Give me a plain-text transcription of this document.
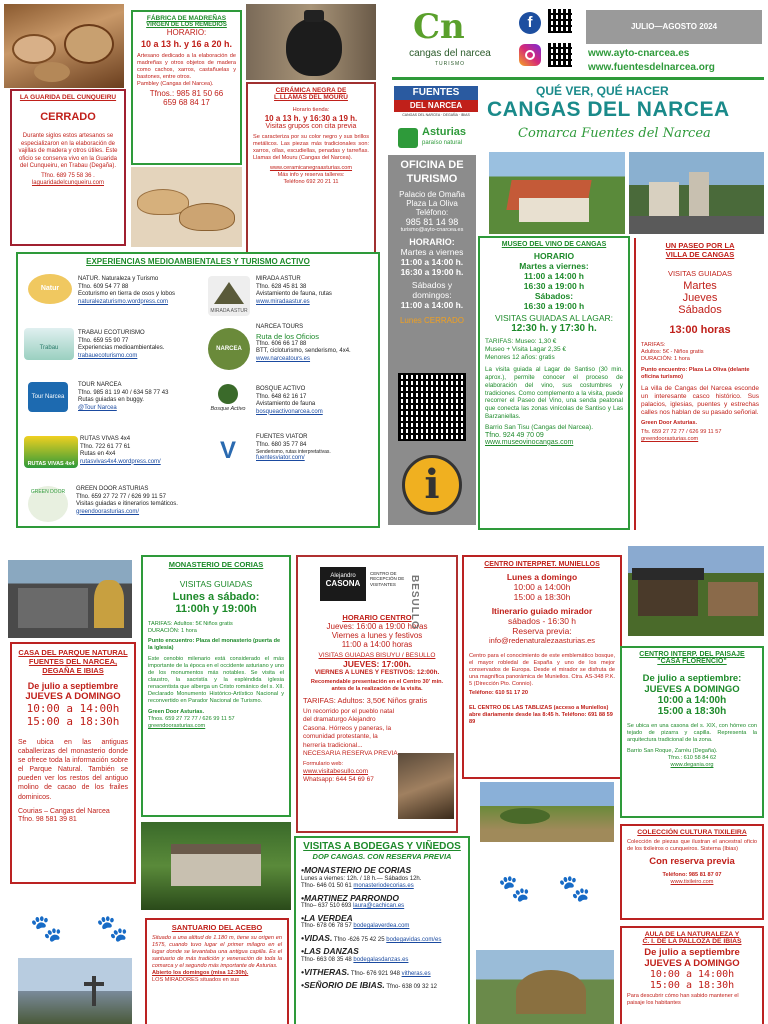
LA GUARIDA DEL CUNQUEIRU

CERRADO

Durante siglos estos artesanos se especializaron en la elaboración de vajillas de madera y otros útiles. Este oficio se conserva vivo en la Guarida del Cunqueiru, en Trabau (Degaña).

Tfno. 689 75 58 36 .

laguaridadelcunqueiru.com

FÁBRICA DE MADREÑAS

VIRGEN DE LOS REMEDIOS

HORARIO:

10 a 13 h. y 16 a 20 h.

Artesano dedicado a la elaboración de madreñas y otros objetos de madera como cachos, xarros, castañuelas y bastones, entre otros.

Pambley (Cangas del Narcea).

Tfnos.: 985 81 50 66

659 68 84 17

CERÁMICA NEGRA DE

L.LLAMAS DEL MOURU

Horario tienda:

10 a 13 h. y 16:30 a 19 h.

Visitas grupos con cita previa

Se caracteriza por su color negro y sus brillos metálicos. Las piezas más tradicionales son: xarros, ollas, escudiellas, penadas y tarreñas. Llamas del Mouru (Cangas del Narcea).

www.ceramicanegraasturias.com

Más info y reserva talleres:

Teléfono 692 20 21 11

Cn

cangas del narcea

TURISMO

f	JULIO—AGOSTO 2024

www.ayto-cnarcea.es

www.fuentesdelnarcea.org

FUENTES
DEL NARCEA

CANGAS DEL NARCEA · DEGAÑA · IBIAS

Asturias

paraíso natural

QUÉ VER, QUÉ HACER

CANGAS DEL NARCEA

Comarca Fuentes del Narcea

OFICINA DE TURISMO

Palacio de Omaña

Plaza La Oliva

Teléfono:

985 81 14 98

turismo@ayto-cnarcea.es

HORARIO:

Martes a viernes

11:00 a 14:00 h.

16:30 a 19:00 h.

Sábados y domingos:

11:00 a 14:00 h.

Lunes CERRADO

i

EXPERIENCIAS MEDIOAMBIENTALES Y TURISMO ACTIVO

Natur
Trabau
Tour Narcea
RUTAS VIVAS 4x4
GREEN DOOR

NATUR. Naturaleza y Turismo

Tfno. 609 54 77 88

Ecoturismo en tierra de osos y lobos

naturalezaturismo.wordpress.com

TRABAU ECOTURISMO

Tfno. 659 55 90 77

Experiencias medioambientales.

trabauecoturismo.com

TOUR NARCEA

Tfno. 985 81 19 40 / 634 58 77 43

Rutas guiadas en buggy.

@Tour Narcea

RUTAS VIVAS 4x4

Tfno. 722 61 77 61

Rutas en 4x4

rutasvivas4x4.wordpress.com/

GREEN DOOR ASTURIAS

Tfno. 659 27 72 77 / 626 99 11 57

Visitas guiadas e itinerarios temáticos.

greendoorasturias.com/

MIRADA ASTUR
NARCEA
Bosque Activo
V

MIRADA ASTUR

Tfno. 628 45 81 38

Avistamiento de fauna, rutas

www.miradaastur.es

NARCEA TOURS

Ruta de los Oficios

Tfno. 606 66 17 88

BTT, cicloturismo, senderismo, 4x4.

www.narceatours.es

BOSQUE ACTIVO

Tfno. 648 62 16 17

Avistamiento de fauna

bosqueactivonarcea.com

FUENTES VIATOR

Tfno. 680 35 77 84

Senderismo, rutas interpretativas.

fuentesviator.com/

MUSEO DEL VINO DE CANGAS

HORARIO

Martes a viernes:

11:00 a 14:00 h

16:30 a 19:00 h

Sábados:

16:30 a 19:00 h

VISITAS GUIADAS AL LAGAR:

12:30 h. y 17:30 h.

TARIFAS: Museo: 1,30 €

Museo + Visita Lagar 2,35 €

Menores 12 años: gratis

La visita guiada al Lagar de Santiso (30 min. aprox.), permite conocer el proceso de elaboración del vino, sus costumbres y tradiciones. Como complemento a la visita, puede recorrer el Paseo del Vino, una senda peatonal que conecta las zonas vinícolas de Santiso y Las Barzaniellas.

Barrio San Tisu (Cangas del Narcea).

Tfno. 924 49 70 09

www.museovinocangas.com

UN PASEO POR LA

VILLA DE CANGAS

VISITAS GUIADAS

Martes

Jueves

Sábados

13:00 horas

TARIFAS:

Adultos: 5€ - Niños gratis

DURACIÓN: 1 hora

Punto encuentro: Plaza La Oliva (delante oficina turismo)

La villa de Cangas del Narcea esconde un interesante casco histórico. Sus palacios, iglesias, puentes y estrechas calles nos hablan de su pasado señorial.

Green Door Asturias.

Tfs. 659 27 72 77 / 626 99 11 57

greendoorasturias.com

CASA DEL PARQUE NATURAL

FUENTES DEL NARCEA,

DEGAÑA E IBIAS

De julio a septiembre

JUEVES A DOMINGO

10:00 a 14:00h

15:00 a 18:30h

Se ubica en las antiguas caballerizas del monasterio donde se ofrece toda la información sobre el Parque Natural. También se pueden ver los restos del antiguo molino de cacao de los frailes dominicos.

Courias – Cangas del Narcea

Tfno. 98 581 39 81

MONASTERIO DE CORIAS

VISITAS GUIADAS

Lunes a sábado:

11:00h y 19:00h

TARIFAS: Adultos: 5€ Niños gratis

DURACIÓN: 1 hora

Punto encuentro: Plaza del monasterio (puerta de la iglesia)

Este cenobio milenario está considerado el más importante de la época en el occidente asturiano y uno de los monumentos más notables. Se visita el claustro, la sacristía y la espléndida iglesia renacentista que alberga un Cristo románico del s. XII. Declarado Monumento Histórico-Artístico Nacional y reconvertido en Parador Nacional de Turismo.

Green Door Asturias.

Tfnos. 659 27 72 77 / 626 99 11 57

greendoorasturias.com

Alejandro

CASONA

CENTRO DE RECEPCIÓN DE VISITANTES	BESULLO

HORARIO CENTRO

Jueves: 16:00 a 19:00 horas

Viernes a lunes y festivos

11:00 a 14:00 horas

VISITAS GUIADAS BISUYU / BESULLO

JUEVES: 17:00h.

VIERNES A LUNES Y FESTIVOS: 12:00h.

Recomendable presentación en el Centro 30' min. antes de la realización de la visita.

TARIFAS: Adultos: 3,50€ Niños gratis

Un recorrido por el pueblo natal del dramaturgo Alejandro Casona. Hórreos y paneras, la comunidad protestante, la herrería tradicional... NECESARIA RESERVA PREVIA

Formulario web:

www.visitabesullo.com

Whatsapp: 644 54 69 67

CENTRO INTERPRET. MUNIELLOS

Lunes a domingo

10:00 a 14:00h

15:00 a 18:30h

Itinerario guiado mirador

sábados - 16:30 h

Reserva previa:

info@redenaturalezaasturias.es

Centro para el conocimiento de este emblemático bosque, el mayor robledal de España y uno de los mejor conservados de Europa. Desde el mirador se disfruta de una magnífica panorámica de Muniellos. Ctra. AS-348 P.K. 5 (Dirección Pto. Connio).

Teléfono: 610 51 17 20

EL CENTRO DE LAS TABLIZAS (acceso a Muniellos) abre diariamente desde las 8:45 h. Teléfono: 691 88 59 89

CENTRO INTERP. DEL PAISAJE

"CASA FLORENCIO"

De julio a septiembre:

JUEVES A DOMINGO

10:00 a 14:00h

15:00 a 18:30h

Se ubica en una casona del s. XIX, con hórreo con tejado de pizarra y capilla. Representa la arquitectura tradicional de la zona.

Barrio San Roque, Zarréu (Degaña).

Tfno.: 610 58 84 62

www.degania.org

VISITAS A BODEGAS Y VIÑEDOS

DOP CANGAS. CON RESERVA PREVIA

•MONASTERIO DE CORIAS

Lunes a viernes: 12h. / 18 h.— Sábados 12h.

Tfno- 646 01 50 61 monasteriodecorias.es

•MARTINEZ PARRONDO

Tfno– 637 510 693 laura@cachican.es

•LA VERDEA

Tfno- 678 06 78 57 bodegalaverdea.com

•VIDAS. Tfno -626 75 42 25 bodegavidas.com/es

•LAS DANZAS

Tfno- 663 08 35 48 bodegalasdanzas.es

•VITHERAS. Tfno- 676 921 948 vitheras.es

•SEÑORIO DE IBIAS. Tfno- 638 09 32 12

🐾 🐾
🐾 🐾

COLECCIÓN CULTURA TIXILEIRA

Colección de piezas que ilustran el ancestral oficio de los tixileiros o cunqueiros. Sisterna (Ibias)

Con reserva previa

Teléfono: 985 81 87 07

www.tixileiro.com

SANTUARIO DEL ACEBO

Situado a una altitud de 1.180 m, tiene su origen en 1575, cuando tuvo lugar el primer milagro en el lugar donde se levantaba una antigua capilla. Es el santuario de más tradición y veneración de toda la comarca y el segundo más importante de Asturias.

Abierto los domingos (misa 12:30h).

LOS MIRADORES situados en sus

AULA DE LA NATURALEZA Y

C. I. DE LA PALLOZA DE IBIAS

De julio a septiembre

JUEVES A DOMINGO

10:00 a 14:00h

15:00 a 18:30h

Para descubrir cómo han sabido mantener el paisaje los habitantes
